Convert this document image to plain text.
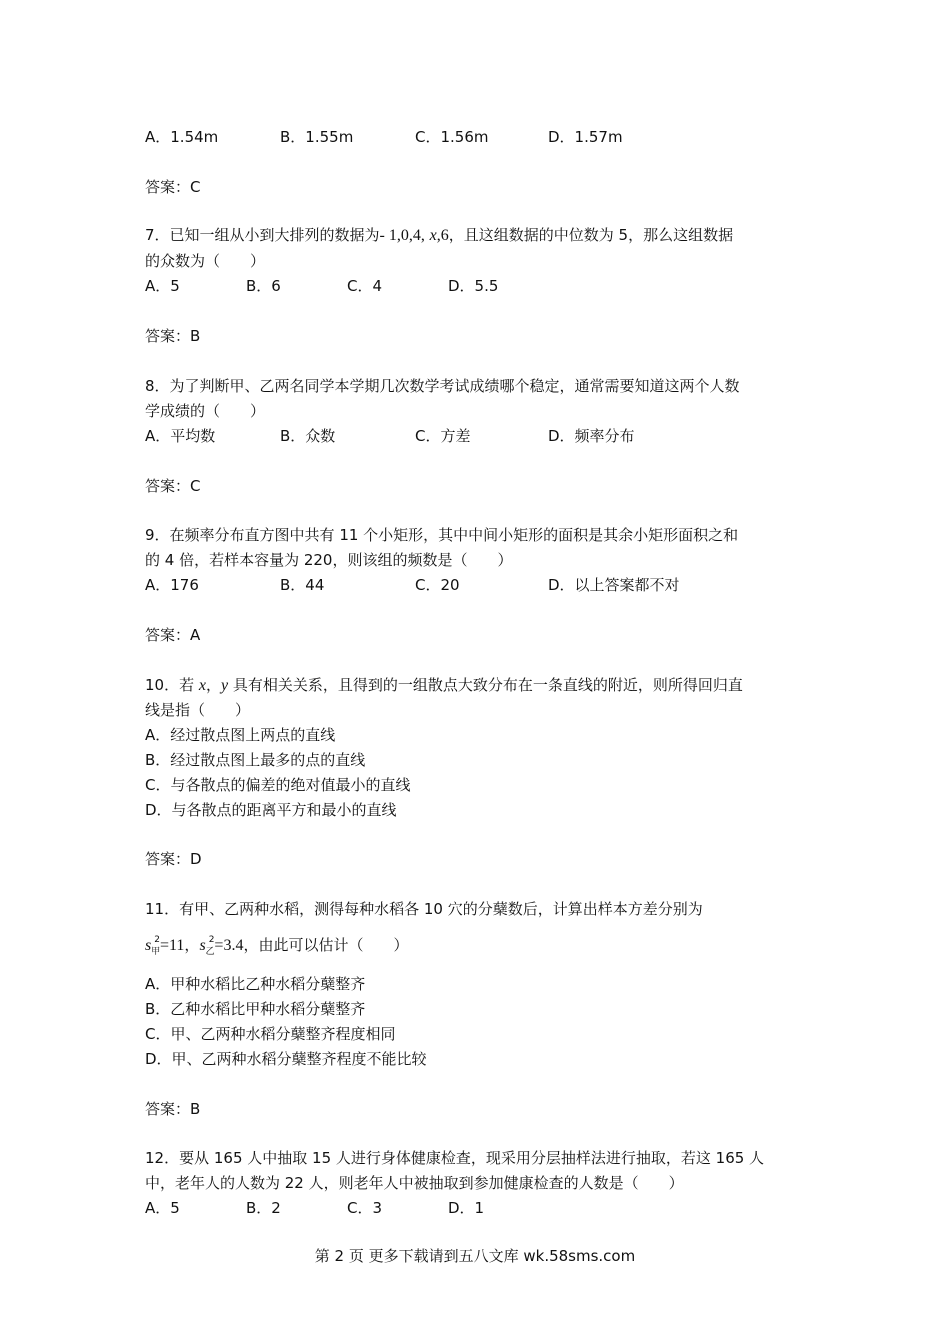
A．1.54m	B．1.55m	C．1.56m	D．1.57m
答案：C
7．已知一组从小到大排列的数据为- 1,0,4, x,6，且这组数据的中位数为 5，那么这组数据
的众数为（　　）
A．5	B．6	C．4	D．5.5
答案：B
8．为了判断甲、乙两名同学本学期几次数学考试成绩哪个稳定，通常需要知道这两个人数
学成绩的（　　）
A．平均数	B．众数	C．方差	D．频率分布
答案：C
9．在频率分布直方图中共有 11 个小矩形，其中中间小矩形的面积是其余小矩形面积之和
的 4 倍，若样本容量为 220，则该组的频数是（　　）
A．176	B．44	C．20	D．以上答案都不对
答案：A
10．若 x，y 具有相关关系，且得到的一组散点大致分布在一条直线的附近，则所得回归直
线是指（　　）
A．经过散点图上两点的直线
B．经过散点图上最多的点的直线
C．与各散点的偏差的绝对值最小的直线
D．与各散点的距离平方和最小的直线
答案：D
11．有甲、乙两种水稻，测得每种水稻各 10 穴的分蘖数后，计算出样本方差分别为
$s_甲^2=11$，$s_乙^2=3.4$，由此可以估计（　　）
A．甲种水稻比乙种水稻分蘖整齐
B．乙种水稻比甲种水稻分蘖整齐
C．甲、乙两种水稻分蘖整齐程度相同
D．甲、乙两种水稻分蘖整齐程度不能比较
答案：B
12．要从 165 人中抽取 15 人进行身体健康检查，现采用分层抽样法进行抽取，若这 165 人
中，老年人的人数为 22 人，则老年人中被抽取到参加健康检查的人数是（　　）
A．5	B．2	C．3	D．1
第 2 页 更多下载请到五八文库 wk.58sms.com
